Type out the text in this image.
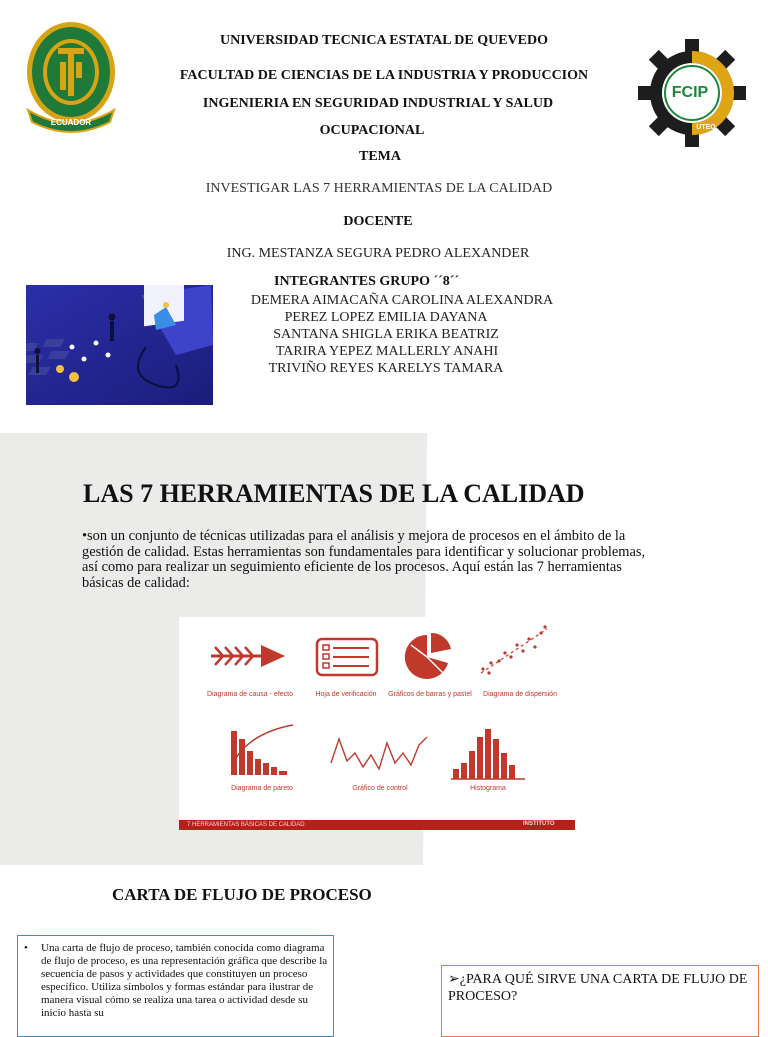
ECUADOR
FCIP
UTEQ
UNIVERSIDAD TECNICA ESTATAL DE QUEVEDO
FACULTAD DE CIENCIAS DE LA INDUSTRIA Y PRODUCCION
INGENIERIA EN SEGURIDAD INDUSTRIAL Y SALUD
OCUPACIONAL
TEMA
INVESTIGAR LAS 7 HERRAMIENTAS DE LA CALIDAD
DOCENTE
ING. MESTANZA SEGURA PEDRO ALEXANDER
INTEGRANTES GRUPO ´´8´´
DEMERA AIMACAÑA CAROLINA ALEXANDRA
PEREZ LOPEZ EMILIA DAYANA
SANTANA SHIGLA ERIKA BEATRIZ
TARIRA YEPEZ MALLERLY ANAHI
TRIVIÑO REYES KARELYS TAMARA
LAS 7 HERRAMIENTAS DE LA CALIDAD
•son un conjunto de técnicas utilizadas para el análisis y mejora de procesos en el ámbito de la gestión de calidad. Estas herramientas son fundamentales para identificar y solucionar problemas, así como para realizar un seguimiento eficiente de los procesos. Aquí están las 7 herramientas básicas de calidad:
Diagrama de causa - efecto	Hoja de verificación	Gráficos de barras y pastel	Diagrama de dispersión
Diagrama de pareto	Gráfico de control	Histograma
7 HERRAMIENTAS BÁSICAS DE CALIDAD	INSTITUTO
CARTA DE FLUJO DE PROCESO
• Una carta de flujo de proceso, también conocida como diagrama de flujo de proceso, es una representación gráfica que describe la secuencia de pasos y actividades que constituyen un proceso específico. Utiliza símbolos y formas estándar para ilustrar de manera visual cómo se realiza una tarea o actividad desde su inicio hasta su
➢¿PARA QUÉ SIRVE UNA CARTA DE FLUJO DE PROCESO?
